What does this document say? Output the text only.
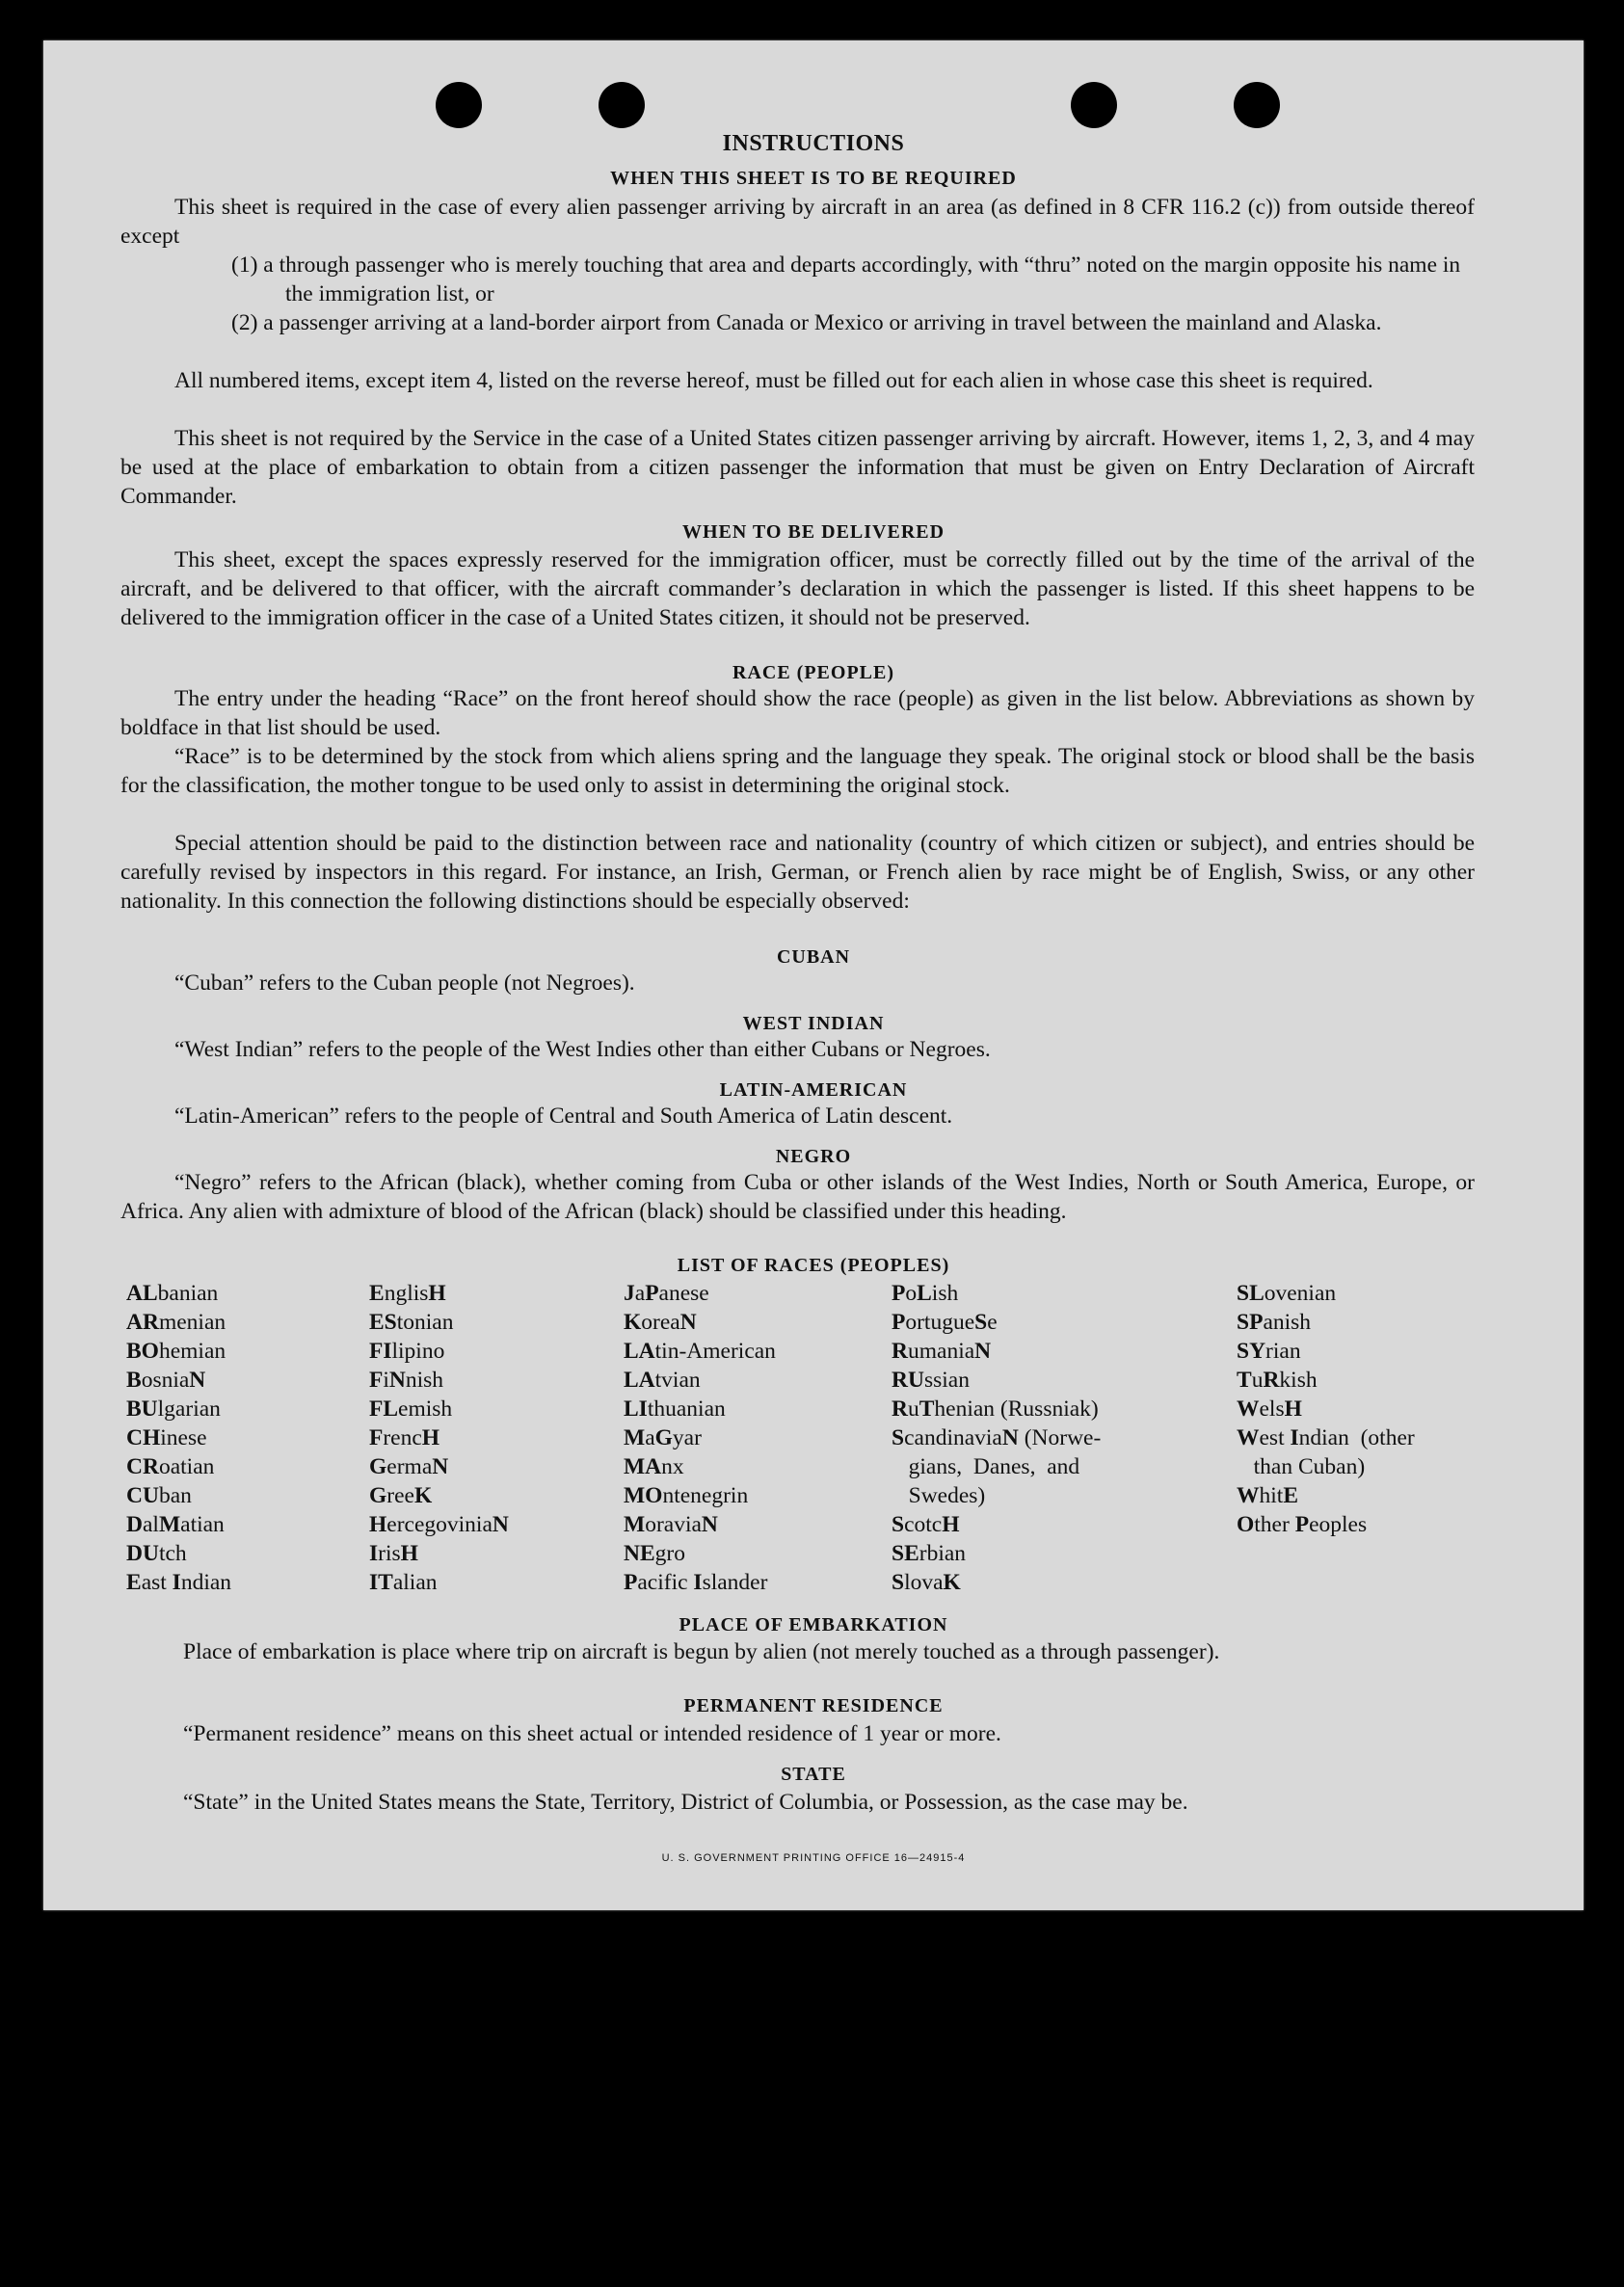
INSTRUCTIONS
WHEN THIS SHEET IS TO BE REQUIRED
This sheet is required in the case of every alien passenger arriving by aircraft in an area (as defined in 8 CFR 116.2 (c)) from outside thereof except
(1) a through passenger who is merely touching that area and departs accordingly, with “thru” noted on the margin opposite his name in the immigration list, or
(2) a passenger arriving at a land-border airport from Canada or Mexico or arriving in travel between the mainland and Alaska.
All numbered items, except item 4, listed on the reverse hereof, must be filled out for each alien in whose case this sheet is required.
This sheet is not required by the Service in the case of a United States citizen passenger arriving by aircraft. However, items 1, 2, 3, and 4 may be used at the place of embarkation to obtain from a citizen passenger the information that must be given on Entry Declaration of Aircraft Commander.
WHEN TO BE DELIVERED
This sheet, except the spaces expressly reserved for the immigration officer, must be correctly filled out by the time of the arrival of the aircraft, and be delivered to that officer, with the aircraft commander’s declaration in which the passenger is listed. If this sheet happens to be delivered to the immigration officer in the case of a United States citizen, it should not be preserved.
RACE (PEOPLE)
The entry under the heading “Race” on the front hereof should show the race (people) as given in the list below. Abbreviations as shown by boldface in that list should be used.
“Race” is to be determined by the stock from which aliens spring and the language they speak. The original stock or blood shall be the basis for the classification, the mother tongue to be used only to assist in determining the original stock.
Special attention should be paid to the distinction between race and nationality (country of which citizen or subject), and entries should be carefully revised by inspectors in this regard. For instance, an Irish, German, or French alien by race might be of English, Swiss, or any other nationality. In this connection the following distinctions should be especially observed:
CUBAN
“Cuban” refers to the Cuban people (not Negroes).
WEST INDIAN
“West Indian” refers to the people of the West Indies other than either Cubans or Negroes.
LATIN-AMERICAN
“Latin-American” refers to the people of Central and South America of Latin descent.
NEGRO
“Negro” refers to the African (black), whether coming from Cuba or other islands of the West Indies, North or South America, Europe, or Africa. Any alien with admixture of blood of the African (black) should be classified under this heading.
LIST OF RACES (PEOPLES)
ALbanian
ARmenian
BOhemian
BosniaN
BUlgarian
CHinese
CRoatian
CUban
DalMatian
DUtch
East Indian
EnglisH
EStonian
FIlipino
FiNnish
FLemish
FrencH
GermaN
GreeK
HercegoviniaN
IrisH
ITalian
JaPanese
KoreaN
LAtin-American
LAtvian
LIthuanian
MaGyar
MAnx
MOntenegrin
MoraviaN
NEgro
Pacific Islander
PoLish
PortugueSe
RumaniaN
RUssian
RuThenian (Russniak)
ScandinaviaN (Norwe-
gians,  Danes,  and
Swedes)
ScotcH
SErbian
SlovaK
SLovenian
SPanish
SYrian
TuRkish
WelsH
West Indian  (other
than Cuban)
WhitE
Other Peoples
PLACE OF EMBARKATION
Place of embarkation is place where trip on aircraft is begun by alien (not merely touched as a through passenger).
PERMANENT RESIDENCE
“Permanent residence” means on this sheet actual or intended residence of 1 year or more.
STATE
“State” in the United States means the State, Territory, District of Columbia, or Possession, as the case may be.
U. S. GOVERNMENT PRINTING OFFICE 16—24915-4
